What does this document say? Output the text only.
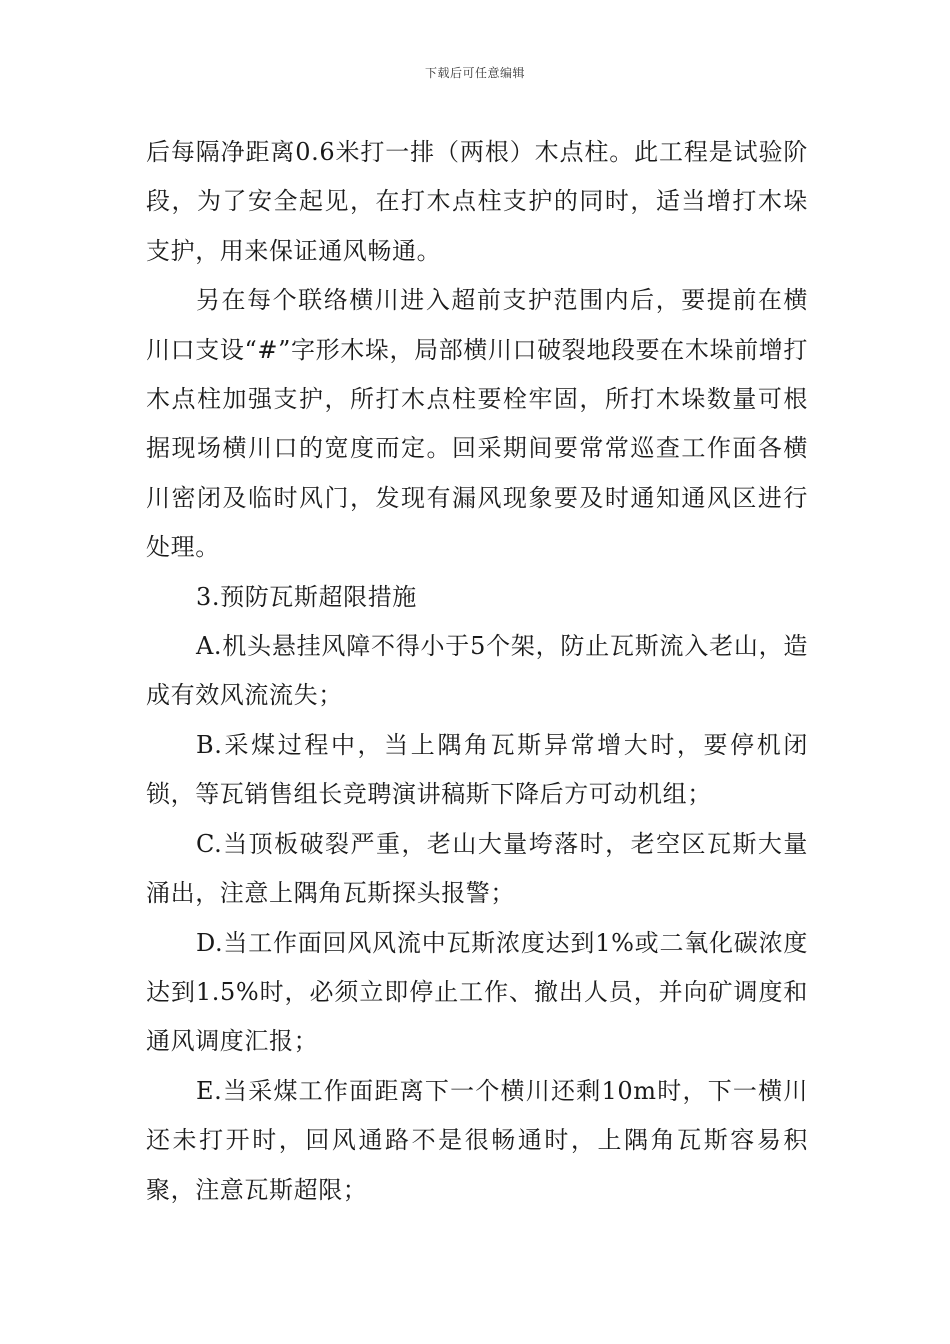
下载后可任意编辑

后每隔净距离0.6米打一排（两根）木点柱。此工程是试验阶段，为了安全起见，在打木点柱支护的同时，适当增打木垛支护，用来保证通风畅通。

另在每个联络横川进入超前支护范围内后，要提前在横川口支设“#”字形木垛，局部横川口破裂地段要在木垛前增打木点柱加强支护，所打木点柱要栓牢固，所打木垛数量可根据现场横川口的宽度而定。回采期间要常常巡查工作面各横川密闭及临时风门，发现有漏风现象要及时通知通风区进行处理。

3.预防瓦斯超限措施

A.机头悬挂风障不得小于5个架，防止瓦斯流入老山，造成有效风流流失；

B.采煤过程中，当上隅角瓦斯异常增大时，要停机闭锁，等瓦销售组长竞聘演讲稿斯下降后方可动机组；

C.当顶板破裂严重，老山大量垮落时，老空区瓦斯大量涌出，注意上隅角瓦斯探头报警；

D.当工作面回风风流中瓦斯浓度达到1%或二氧化碳浓度达到1.5%时，必须立即停止工作、撤出人员，并向矿调度和通风调度汇报；

E.当采煤工作面距离下一个横川还剩10m时，下一横川还未打开时，回风通路不是很畅通时，上隅角瓦斯容易积聚，注意瓦斯超限；
